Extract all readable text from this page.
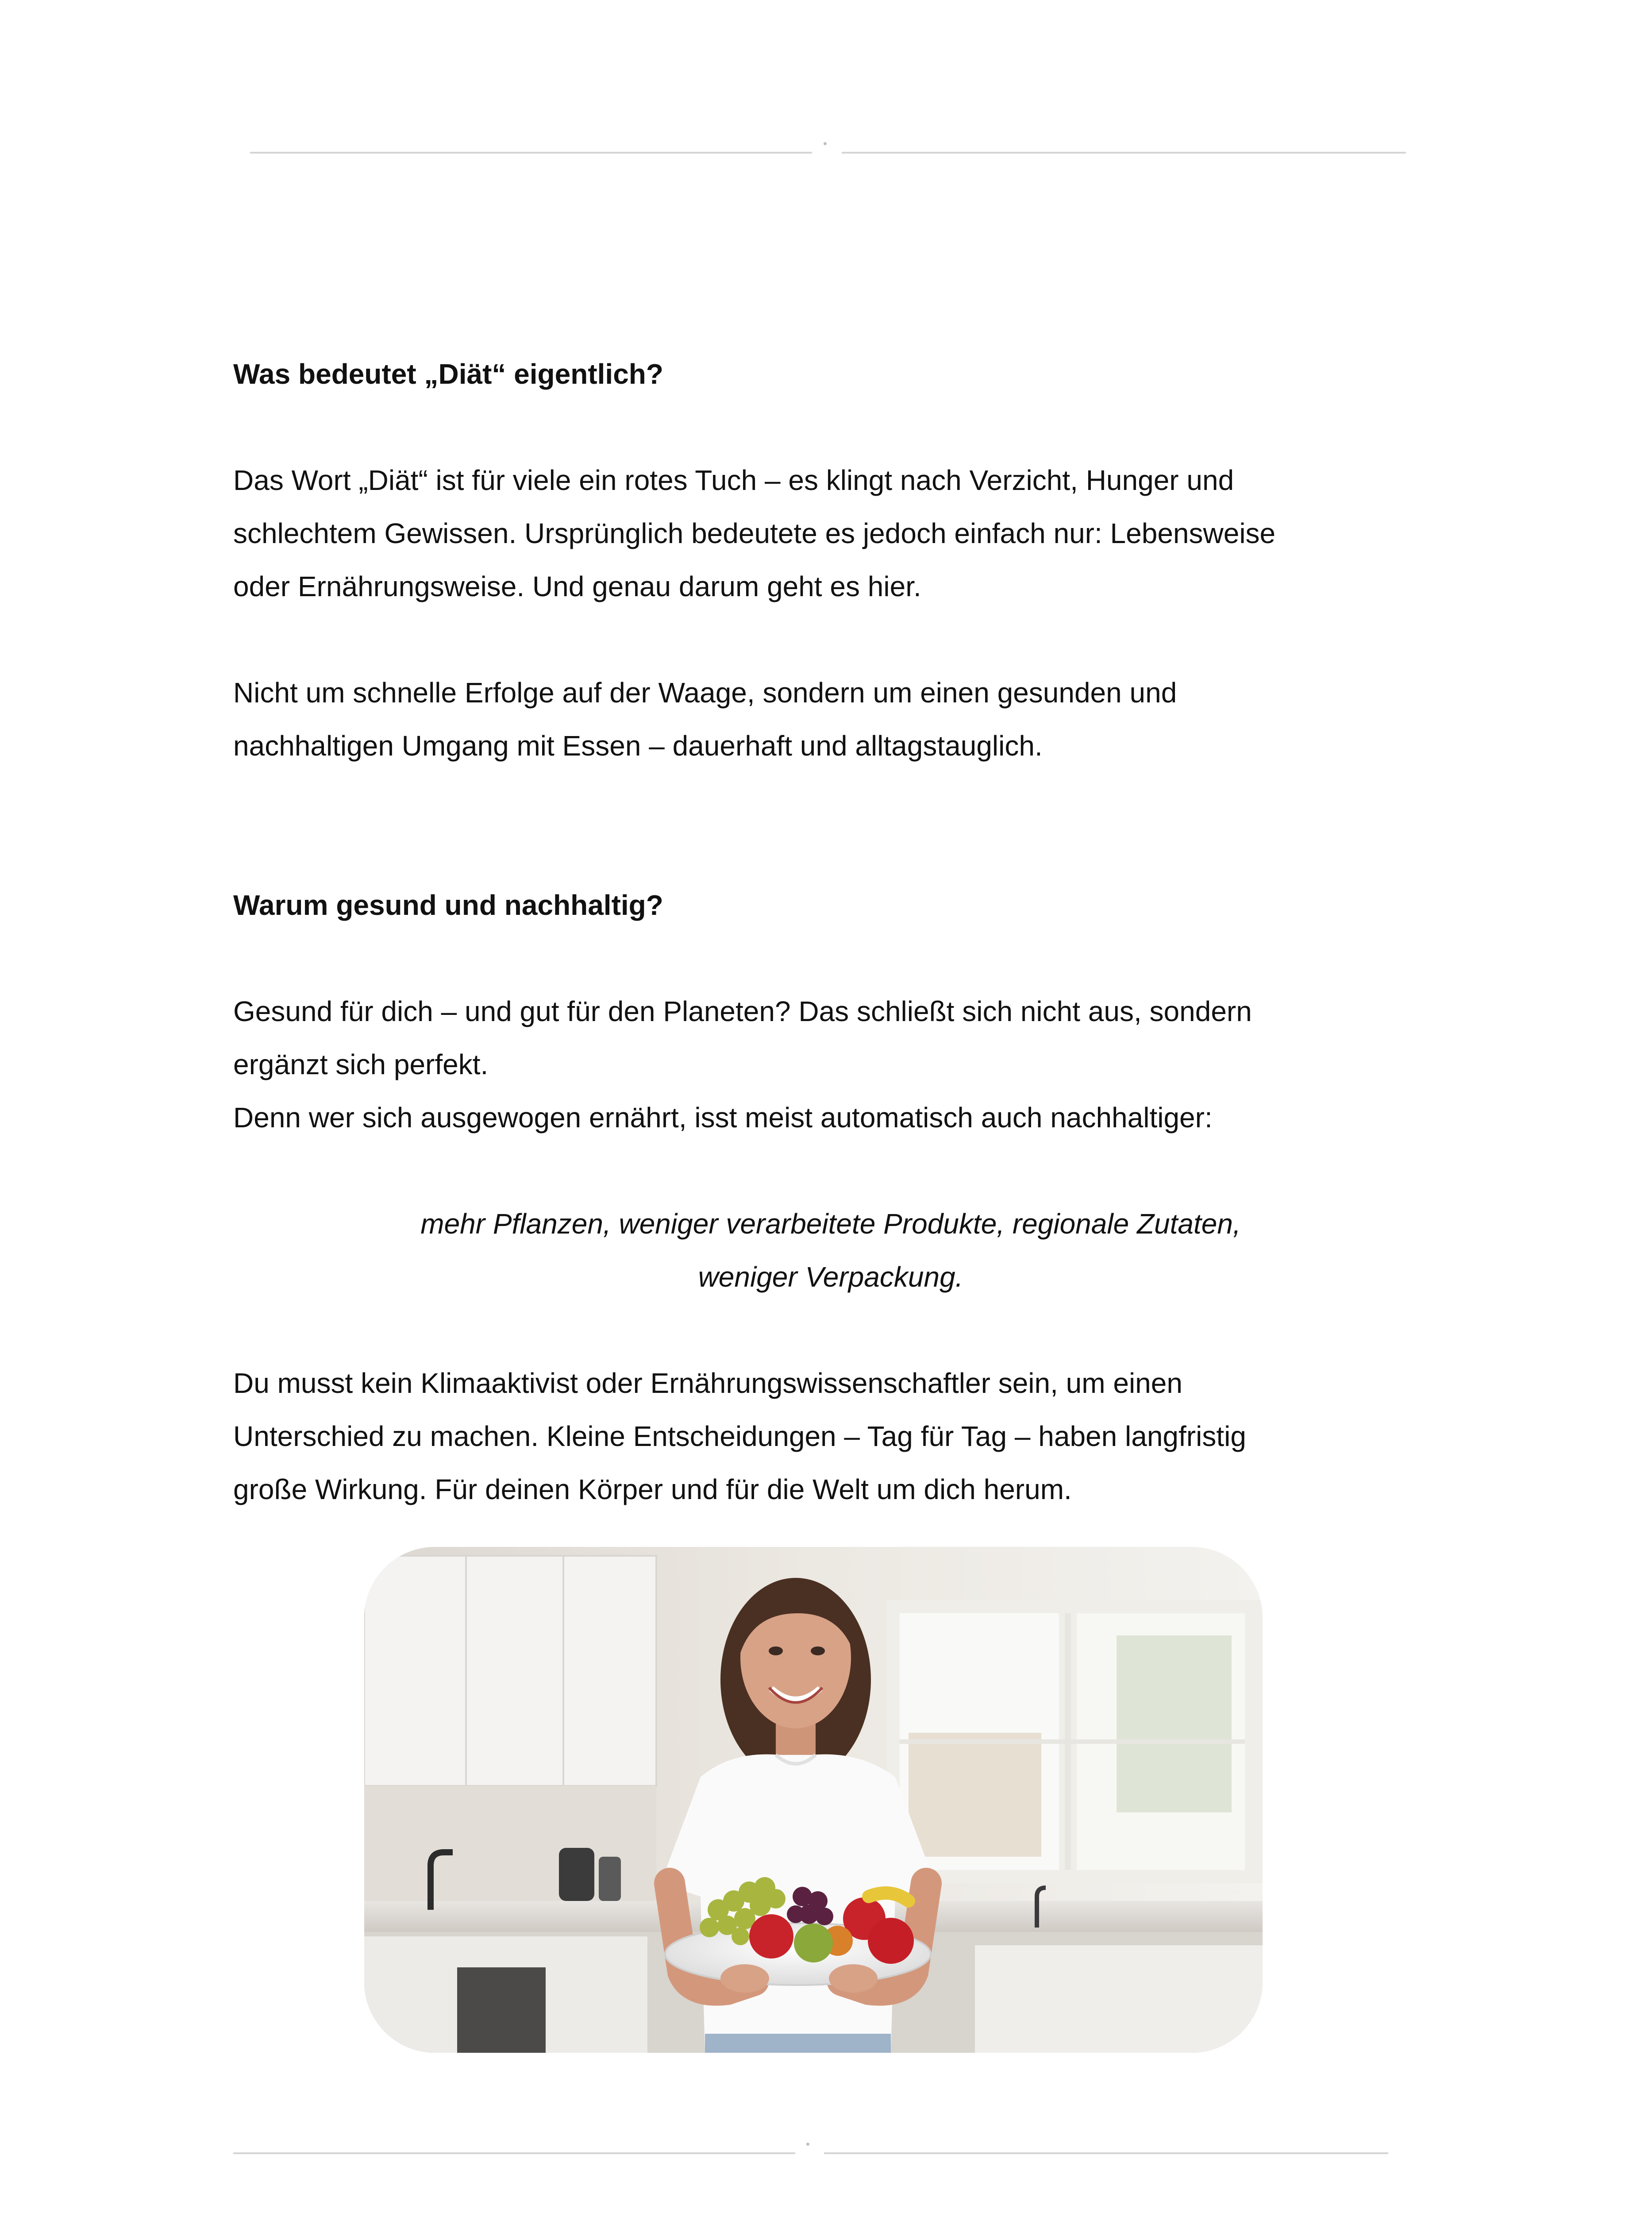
Was bedeutet „Diät“ eigentlich?

Das Wort „Diät“ ist für viele ein rotes Tuch – es klingt nach Verzicht, Hunger und

schlechtem Gewissen. Ursprünglich bedeutete es jedoch einfach nur: Lebensweise

oder Ernährungsweise. Und genau darum geht es hier.

Nicht um schnelle Erfolge auf der Waage, sondern um einen gesunden und

nachhaltigen Umgang mit Essen – dauerhaft und alltagstauglich.

Warum gesund und nachhaltig?

Gesund für dich – und gut für den Planeten? Das schließt sich nicht aus, sondern

ergänzt sich perfekt.

Denn wer sich ausgewogen ernährt, isst meist automatisch auch nachhaltiger:

mehr Pflanzen, weniger verarbeitete Produkte, regionale Zutaten,

weniger Verpackung.

Du musst kein Klimaaktivist oder Ernährungswissenschaftler sein, um einen

Unterschied zu machen. Kleine Entscheidungen – Tag für Tag – haben langfristig

große Wirkung. Für deinen Körper und für die Welt um dich herum.
